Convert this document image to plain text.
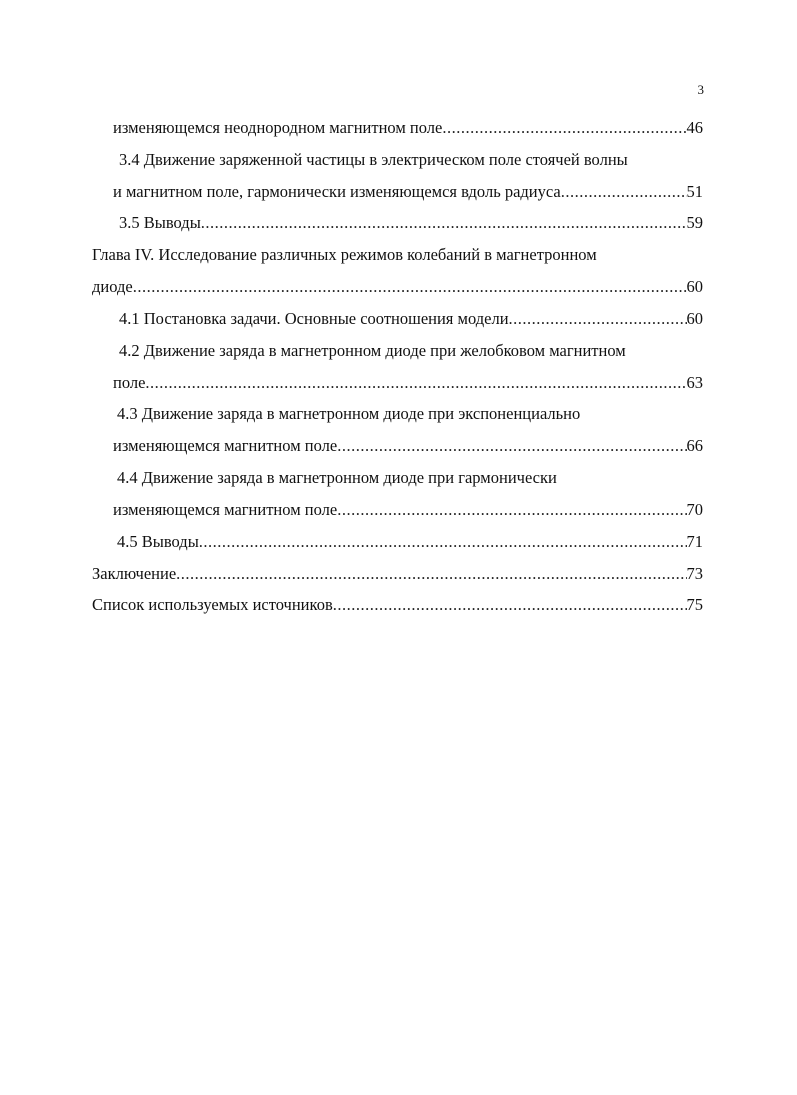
3
изменяющемся неоднородном магнитном поле .....	46
3.4 Движение заряженной частицы в электрическом поле стоячей волны
и магнитном поле, гармонически изменяющемся вдоль радиуса .....	51
3.5 Выводы .....	59
Глава IV. Исследование различных режимов колебаний в магнетронном
диоде .....	60
4.1 Постановка задачи. Основные соотношения модели .....	60
4.2 Движение заряда в магнетронном диоде при желобковом магнитном
поле .....	63
4.3 Движение заряда в магнетронном диоде при экспоненциально
изменяющемся магнитном поле .....	66
4.4 Движение заряда в магнетронном диоде при гармонически
изменяющемся магнитном поле .....	70
4.5 Выводы .....	71
Заключение .....	73
Список используемых источников .....	75
